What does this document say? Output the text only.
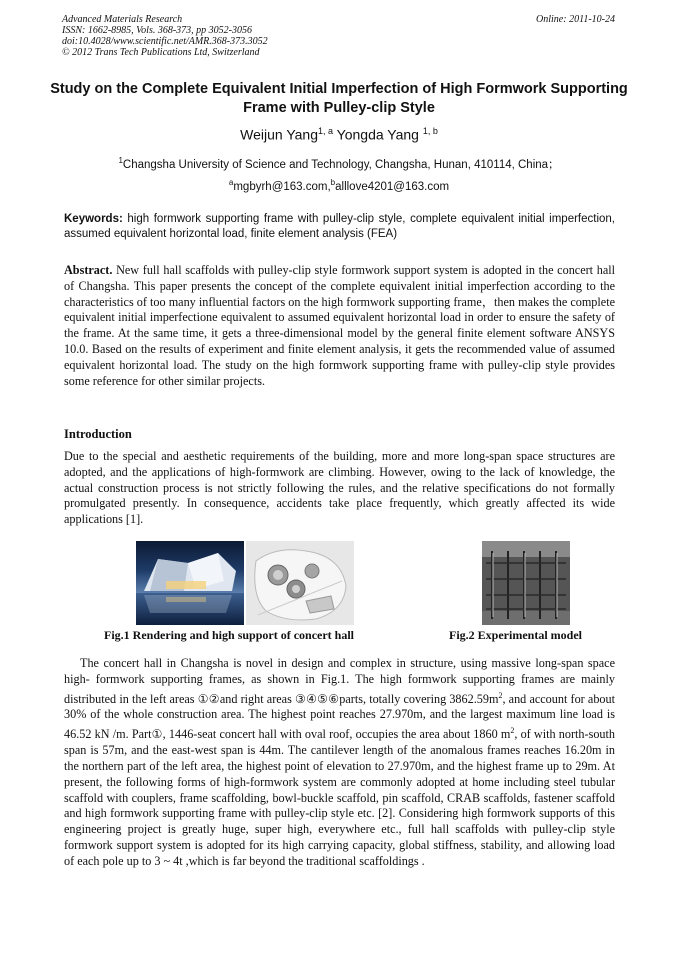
Advanced Materials Research	Online: 2011-10-24
ISSN: 1662-8985, Vols. 368-373, pp 3052-3056
doi:10.4028/www.scientific.net/AMR.368-373.3052
© 2012 Trans Tech Publications Ltd, Switzerland
Study on the Complete Equivalent Initial Imperfection of High Formwork Supporting Frame with Pulley-clip Style
Weijun Yang$^{1, a}$ Yongda Yang $^{1, b}$
$^1$Changsha University of Science and Technology, Changsha, Hunan, 410114, China；
$^a$mgbyrh@163.com,$^b$alllove4201@163.com
Keywords: high formwork supporting frame with pulley-clip style, complete equivalent initial imperfection, assumed equivalent horizontal load, finite element analysis (FEA)
Abstract. New full hall scaffolds with pulley-clip style formwork support system is adopted in the concert hall of Changsha. This paper presents the concept of the complete equivalent initial imperfection according to the characteristics of too many influential factors on the high formwork supporting frame，then makes the complete equivalent initial imperfectione equivalent to assumed equivalent horizontal load in order to ensure the safety of the frame. At the same time, it gets a three-dimensional model by the general finite element software ANSYS 10.0. Based on the results of experiment and finite element analysis, it gets the recommended value of assumed equivalent horizontal load. The study on the high formwork supporting frame with pulley-clip style provides some reference for other similar projects.
Introduction
Due to the special and aesthetic requirements of the building, more and more long-span space structures are adopted, and the applications of high-formwork are climbing. However, owing to the lack of knowledge, the actual construction process is not strictly following the rules, and the relative specifications do not formally promulgated presently. In consequence, accidents take place frequently, which greatly affected its wide applications [1].
Fig.1 Rendering and high support of concert hall	Fig.2 Experimental model
The concert hall in Changsha is novel in design and complex in structure, using massive long-span space high- formwork supporting frames, as shown in Fig.1. The high formwork supporting frames are mainly distributed in the left areas ①②and right areas ③④⑤⑥parts, totally covering $3862.59m^2$, and account for about 30% of the whole construction area. The highest point reaches 27.970m, and the largest maximum line load is 46.52 kN /m. Part①, 1446-seat concert hall with oval roof, occupies the area about 1860 $m^2$, of with north-south span is 57m, and the east-west span is 44m. The cantilever length of the anomalous frames reaches 16.20m in the northern part of the left area, the highest point of elevation to 27.970m, and the highest frame up to 29m. At present, the following forms of high-formwork system are commonly adopted at home including steel tubular scaffold with couplers, frame scaffolding, bowl-buckle scaffold, pin scaffold, CRAB scaffolds, fastener scaffold and high formwork supporting frame with pulley-clip style etc. [2]. Considering high formwork supports of this engineering project is greatly huge, super high, everywhere etc., full hall scaffolds with pulley-clip style formwork support system is adopted for its high carrying capacity, global stiffness, stability, and allowing load of each pole up to 3 ~ 4t ,which is far beyond the traditional scaffoldings .
